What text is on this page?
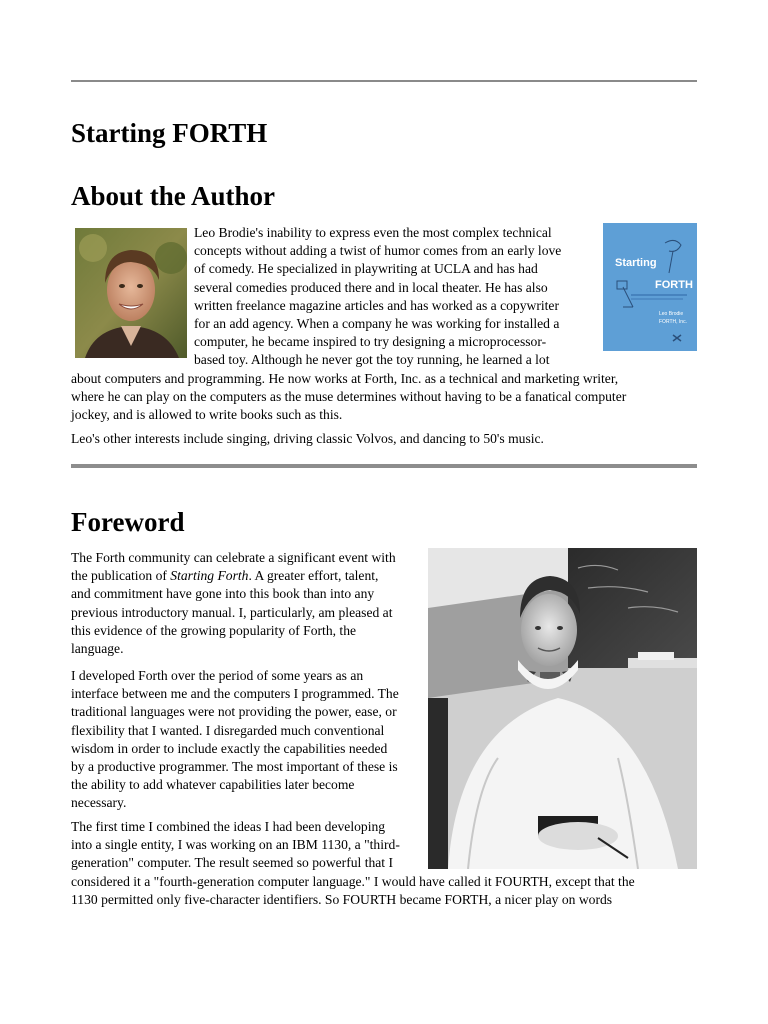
Starting FORTH
About the Author
Starting
FORTH
Leo Brodie
FORTH, Inc.
Leo Brodie's inability to express even the most complex technical
concepts without adding a twist of humor comes from an early love
of comedy. He specialized in playwriting at UCLA and has had
several comedies produced there and in local theater. He has also
written freelance magazine articles and has worked as a copywriter
for an add agency. When a company he was working for installed a
computer, he became inspired to try designing a microprocessor-
based toy. Although he never got the toy running, he learned a lot
about computers and programming. He now works at Forth, Inc. as a technical and marketing writer,
where he can play on the computers as the muse determines without having to be a fanatical computer
jockey, and is allowed to write books such as this.
Leo's other interests include singing, driving classic Volvos, and dancing to 50's music.
Foreword
The Forth community can celebrate a significant event with
the publication of Starting Forth. A greater effort, talent,
and commitment have gone into this book than into any
previous introductory manual. I, particularly, am pleased at
this evidence of the growing popularity of Forth, the
language.
I developed Forth over the period of some years as an
interface between me and the computers I programmed. The
traditional languages were not providing the power, ease, or
flexibility that I wanted. I disregarded much conventional
wisdom in order to include exactly the capabilities needed
by a productive programmer. The most important of these is
the ability to add whatever capabilities later become
necessary.
The first time I combined the ideas I had been developing
into a single entity, I was working on an IBM 1130, a "third-
generation" computer. The result seemed so powerful that I
considered it a "fourth-generation computer language." I would have called it FOURTH, except that the
1130 permitted only five-character identifiers. So FOURTH became FORTH, a nicer play on words
